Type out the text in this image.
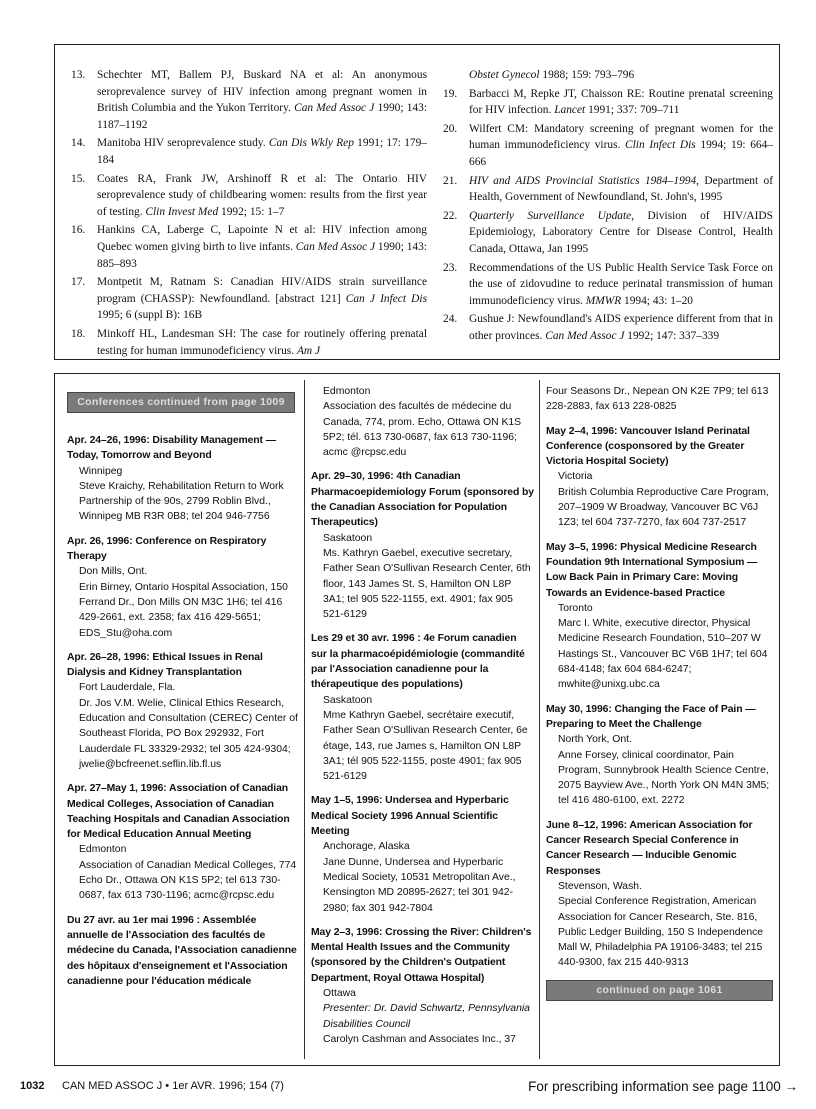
13.	Schechter MT, Ballem PJ, Buskard NA et al: An anonymous seroprevalence survey of HIV infection among pregnant women in British Columbia and the Yukon Territory. Can Med Assoc J 1990; 143: 1187–1192
14.	Manitoba HIV seroprevalence study. Can Dis Wkly Rep 1991; 17: 179–184
15.	Coates RA, Frank JW, Arshinoff R et al: The Ontario HIV seroprevalence study of childbearing women: results from the first year of testing. Clin Invest Med 1992; 15: 1–7
16.	Hankins CA, Laberge C, Lapointe N et al: HIV infection among Quebec women giving birth to live infants. Can Med Assoc J 1990; 143: 885–893
17.	Montpetit M, Ratnam S: Canadian HIV/AIDS strain surveillance program (CHASSP): Newfoundland. [abstract 121] Can J Infect Dis 1995; 6 (suppl B): 16B
18.	Minkoff HL, Landesman SH: The case for routinely offering prenatal testing for human immunodeficiency virus. Am J
Obstet Gynecol 1988; 159: 793–796
19.	Barbacci M, Repke JT, Chaisson RE: Routine prenatal screening for HIV infection. Lancet 1991; 337: 709–711
20.	Wilfert CM: Mandatory screening of pregnant women for the human immunodeficiency virus. Clin Infect Dis 1994; 19: 664–666
21.	HIV and AIDS Provincial Statistics 1984–1994, Department of Health, Government of Newfoundland, St. John's, 1995
22.	Quarterly Surveillance Update, Division of HIV/AIDS Epidemiology, Laboratory Centre for Disease Control, Health Canada, Ottawa, Jan 1995
23.	Recommendations of the US Public Health Service Task Force on the use of zidovudine to reduce perinatal transmission of human immunodeficiency virus. MMWR 1994; 43: 1–20
24.	Gushue J: Newfoundland's AIDS experience different from that in other provinces. Can Med Assoc J 1992; 147: 337–339
Conferences continued from page 1009
Apr. 24–26, 1996: Disability Management — Today, Tomorrow and Beyond
Winnipeg
Steve Kraichy, Rehabilitation Return to Work Partnership of the 90s, 2799 Roblin Blvd., Winnipeg MB R3R 0B8; tel 204 946-7756
Apr. 26, 1996: Conference on Respiratory Therapy
Don Mills, Ont.
Erin Birney, Ontario Hospital Association, 150 Ferrand Dr., Don Mills ON M3C 1H6; tel 416 429-2661, ext. 2358; fax 416 429-5651; EDS_Stu@oha.com
Apr. 26–28, 1996: Ethical Issues in Renal Dialysis and Kidney Transplantation
Fort Lauderdale, Fla.
Dr. Jos V.M. Welie, Clinical Ethics Research, Education and Consultation (CEREC) Center of Southeast Florida, PO Box 292932, Fort Lauderdale FL 33329-2932; tel 305 424-9304; jwelie@bcfreenet.seflin.lib.fl.us
Apr. 27–May 1, 1996: Association of Canadian Medical Colleges, Association of Canadian Teaching Hospitals and Canadian Association for Medical Education Annual Meeting
Edmonton
Association of Canadian Medical Colleges, 774 Echo Dr., Ottawa ON K1S 5P2; tel 613 730-0687, fax 613 730-1196; acmc@rcpsc.edu
Du 27 avr. au 1er mai 1996 : Assemblée annuelle de l'Association des facultés de médecine du Canada, l'Association canadienne des hôpitaux d'enseignement et l'Association canadienne pour l'éducation médicale
Edmonton
Association des facultés de médecine du Canada, 774, prom. Echo, Ottawa ON K1S 5P2; tél. 613 730-0687, fax 613 730-1196; acmc @rcpsc.edu
Apr. 29–30, 1996: 4th Canadian Pharmacoepidemiology Forum (sponsored by the Canadian Association for Population Therapeutics)
Saskatoon
Ms. Kathryn Gaebel, executive secretary, Father Sean O'Sullivan Research Center, 6th floor, 143 James St. S, Hamilton ON L8P 3A1; tel 905 522-1155, ext. 4901; fax 905 521-6129
Les 29 et 30 avr. 1996 : 4e Forum canadien sur la pharmacoépidémiologie (commandité par l'Association canadienne pour la thérapeutique des populations)
Saskatoon
Mme Kathryn Gaebel, secrétaire executif, Father Sean O'Sullivan Research Center, 6e étage, 143, rue James s, Hamilton ON L8P 3A1; tél 905 522-1155, poste 4901; fax 905 521-6129
May 1–5, 1996: Undersea and Hyperbaric Medical Society 1996 Annual Scientific Meeting
Anchorage, Alaska
Jane Dunne, Undersea and Hyperbaric Medical Society, 10531 Metropolitan Ave., Kensington MD 20895-2627; tel 301 942-2980; fax 301 942-7804
May 2–3, 1996: Crossing the River: Children's Mental Health Issues and the Community (sponsored by the Children's Outpatient Department, Royal Ottawa Hospital)
Ottawa
Presenter: Dr. David Schwartz, Pennsylvania Disabilities Council
Carolyn Cashman and Associates Inc., 37
Four Seasons Dr., Nepean ON K2E 7P9; tel 613 228-2883, fax 613 228-0825
May 2–4, 1996: Vancouver Island Perinatal Conference (cosponsored by the Greater Victoria Hospital Society)
Victoria
British Columbia Reproductive Care Program, 207–1909 W Broadway, Vancouver BC V6J 1Z3; tel 604 737-7270, fax 604 737-2517
May 3–5, 1996: Physical Medicine Research Foundation 9th International Symposium — Low Back Pain in Primary Care: Moving Towards an Evidence-based Practice
Toronto
Marc I. White, executive director, Physical Medicine Research Foundation, 510–207 W Hastings St., Vancouver BC V6B 1H7; tel 604 684-4148; fax 604 684-6247; mwhite@unixg.ubc.ca
May 30, 1996: Changing the Face of Pain — Preparing to Meet the Challenge
North York, Ont.
Anne Forsey, clinical coordinator, Pain Program, Sunnybrook Health Science Centre, 2075 Bayview Ave., North York ON M4N 3M5; tel 416 480-6100, ext. 2272
June 8–12, 1996: American Association for Cancer Research Special Conference in Cancer Research — Inducible Genomic Responses
Stevenson, Wash.
Special Conference Registration, American Association for Cancer Research, Ste. 816, Public Ledger Building, 150 S Independence Mall W, Philadelphia PA 19106-3483; tel 215 440-9300, fax 215 440-9313
continued on page 1061
1032 CAN MED ASSOC J • 1er AVR. 1996; 154 (7)	For prescribing information see page 1100 →
